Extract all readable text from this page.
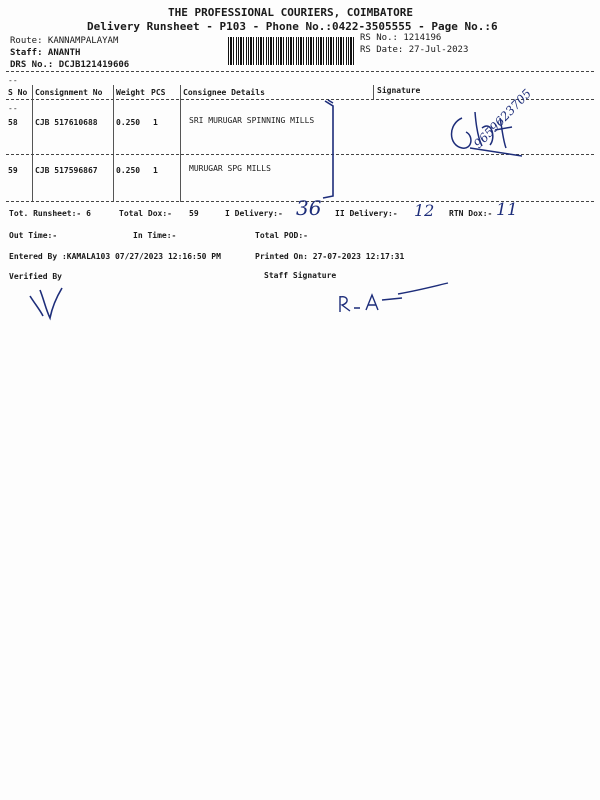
THE PROFESSIONAL COURIERS, COIMBATORE
Delivery Runsheet - P103 - Phone No.:0422-3505555 - Page No.:6
Route: KANNAMPALAYAM
Staff: ANANTH
DRS No.: DCJB121419606
RS No.: 1214196
RS Date: 27-Jul-2023
--
S No Consignment No Weight PCS Consignee Details	Signature
--
58 CJB 517610688 0.250 1	SRI MURUGAR SPINNING MILLS
59 CJB 517596867 0.250 1	MURUGAR SPG MILLS
Tot. Runsheet:- 6	Total Dox:- 59	I Delivery:- 36 II Delivery:- 12 RTN Dox:- 11
Out Time:-	In Time:-	Total POD:-
Entered By :KAMALA103 07/27/2023 12:16:50 PM	Printed On: 27-07-2023 12:17:31
Verified By	Staff Signature
9659623705
